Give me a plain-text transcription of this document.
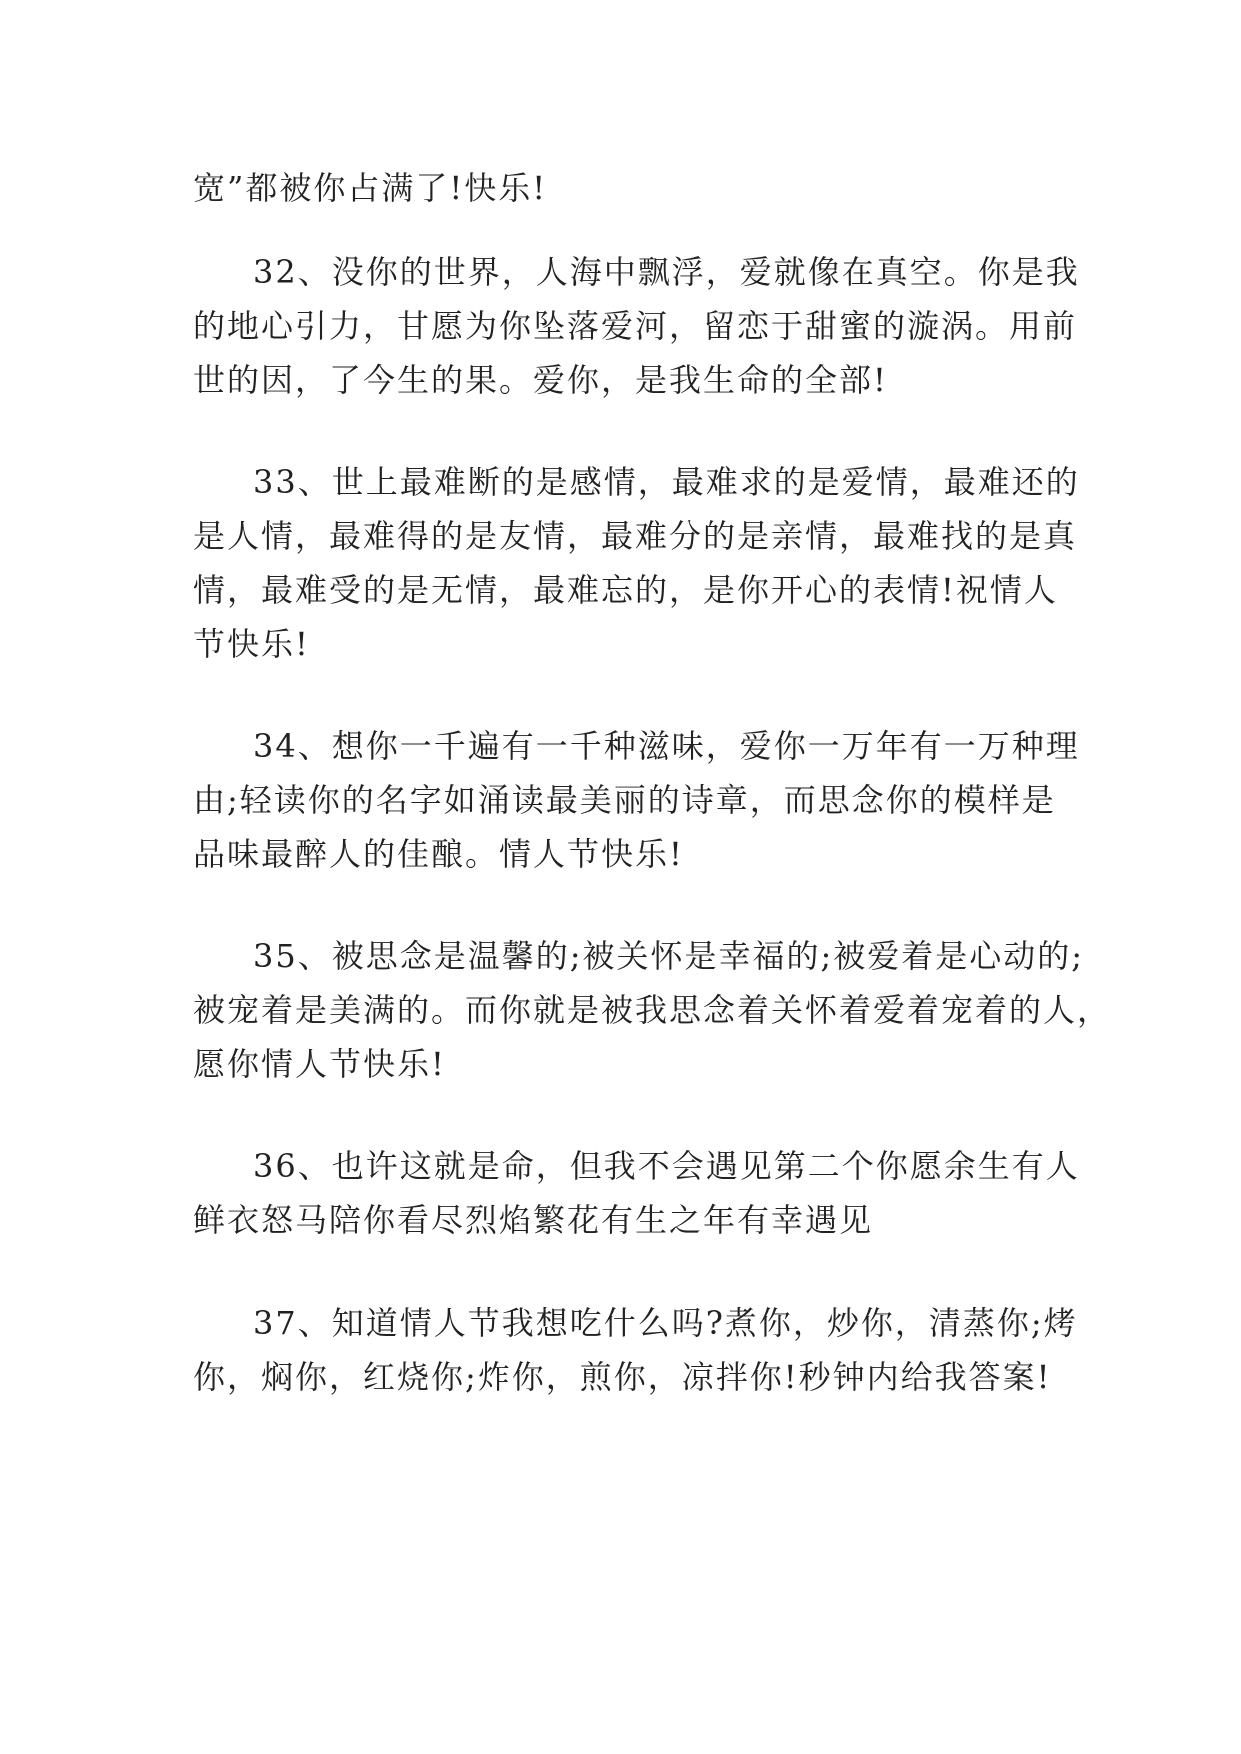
宽”都被你占满了!快乐!
32、没你的世界，人海中飘浮，爱就像在真空。你是我
的地心引力，甘愿为你坠落爱河，留恋于甜蜜的漩涡。用前
世的因，了今生的果。爱你，是我生命的全部!
33、世上最难断的是感情，最难求的是爱情，最难还的
是人情，最难得的是友情，最难分的是亲情，最难找的是真
情，最难受的是无情，最难忘的，是你开心的表情!祝情人
节快乐!
34、想你一千遍有一千种滋味，爱你一万年有一万种理
由;轻读你的名字如涌读最美丽的诗章，而思念你的模样是
品味最醉人的佳酿。情人节快乐!
35、被思念是温馨的;被关怀是幸福的;被爱着是心动的;
被宠着是美满的。而你就是被我思念着关怀着爱着宠着的人，
愿你情人节快乐!
36、也许这就是命，但我不会遇见第二个你愿余生有人
鲜衣怒马陪你看尽烈焰繁花有生之年有幸遇见
37、知道情人节我想吃什么吗?煮你，炒你，清蒸你;烤
你，焖你，红烧你;炸你，煎你，凉拌你!秒钟内给我答案!
